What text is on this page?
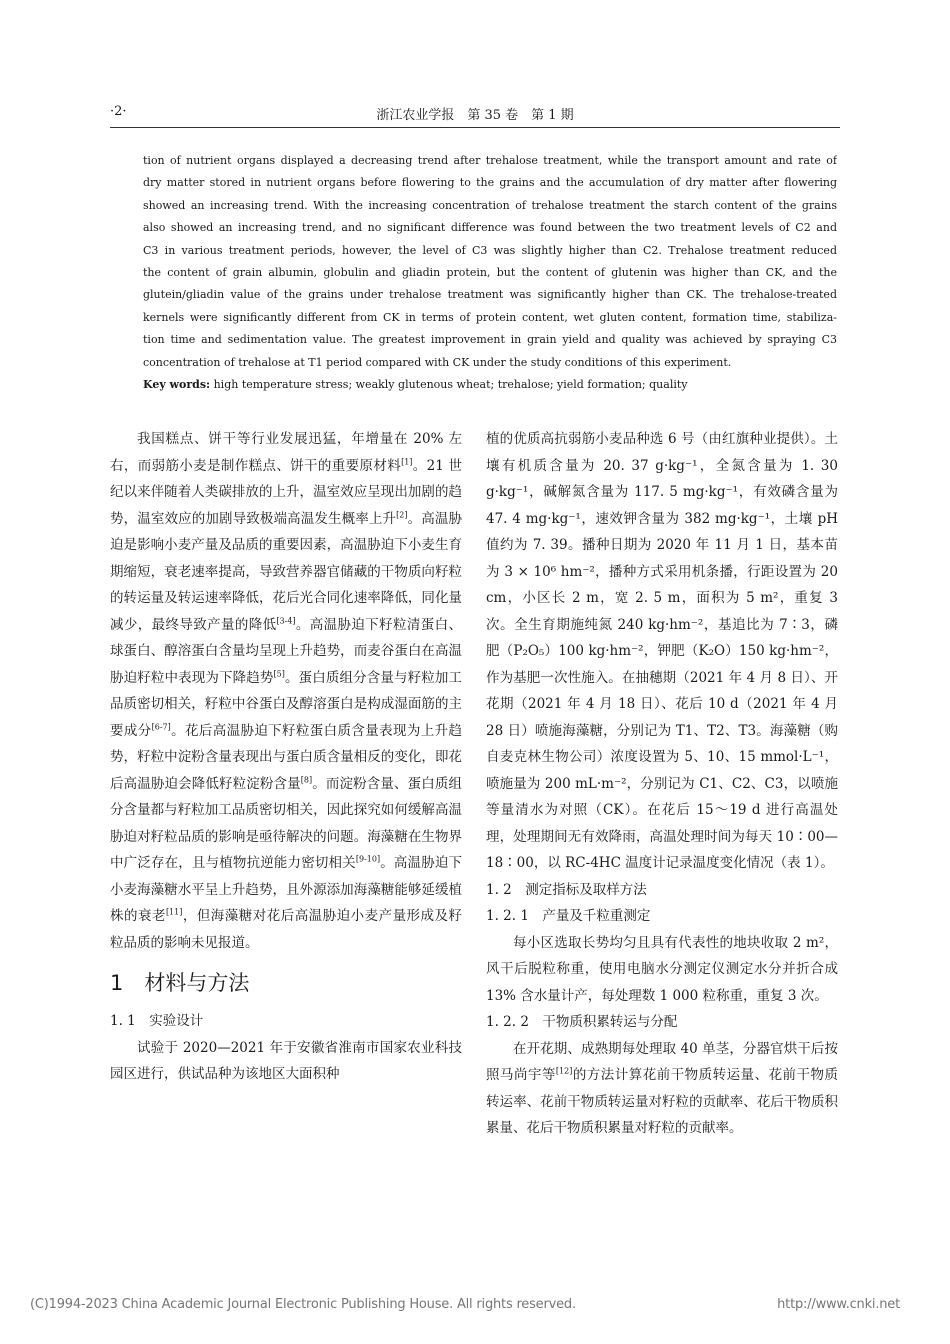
·2·	浙江农业学报　第 35 卷　第 1 期
tion of nutrient organs displayed a decreasing trend after trehalose treatment, while the transport amount and rate of
dry matter stored in nutrient organs before flowering to the grains and the accumulation of dry matter after flowering
showed an increasing trend. With the increasing concentration of trehalose treatment the starch content of the grains
also showed an increasing trend, and no significant difference was found between the two treatment levels of C2 and
C3 in various treatment periods, however, the level of C3 was slightly higher than C2. Trehalose treatment reduced
the content of grain albumin, globulin and gliadin protein, but the content of glutenin was higher than CK, and the
glutein/gliadin value of the grains under trehalose treatment was significantly higher than CK. The trehalose-treated
kernels were significantly different from CK in terms of protein content, wet gluten content, formation time, stabiliza-
tion time and sedimentation value. The greatest improvement in grain yield and quality was achieved by spraying C3
concentration of trehalose at T1 period compared with CK under the study conditions of this experiment.
Key words: high temperature stress; weakly glutenous wheat; trehalose; yield formation; quality

我国糕点、饼干等行业发展迅猛，年增量在 20% 左右，而弱筋小麦是制作糕点、饼干的重要原材料[1]。21 世纪以来伴随着人类碳排放的上升，温室效应呈现出加剧的趋势，温室效应的加剧导致极端高温发生概率上升[2]。高温胁迫是影响小麦产量及品质的重要因素，高温胁迫下小麦生育期缩短，衰老速率提高，导致营养器官储藏的干物质向籽粒的转运量及转运速率降低，花后光合同化速率降低，同化量减少，最终导致产量的降低[3-4]。高温胁迫下籽粒清蛋白、球蛋白、醇溶蛋白含量均呈现上升趋势，而麦谷蛋白在高温胁迫籽粒中表现为下降趋势[5]。蛋白质组分含量与籽粒加工品质密切相关，籽粒中谷蛋白及醇溶蛋白是构成湿面筋的主要成分[6-7]。花后高温胁迫下籽粒蛋白质含量表现为上升趋势，籽粒中淀粉含量表现出与蛋白质含量相反的变化，即花后高温胁迫会降低籽粒淀粉含量[8]。而淀粉含量、蛋白质组分含量都与籽粒加工品质密切相关，因此探究如何缓解高温胁迫对籽粒品质的影响是亟待解决的问题。海藻糖在生物界中广泛存在，且与植物抗逆能力密切相关[9-10]。高温胁迫下小麦海藻糖水平呈上升趋势，且外源添加海藻糖能够延缓植株的衰老[11]，但海藻糖对花后高温胁迫小麦产量形成及籽粒品质的影响未见报道。

1　材料与方法

1. 1　实验设计

试验于 2020—2021 年于安徽省淮南市国家农业科技园区进行，供试品种为该地区大面积种

植的优质高抗弱筋小麦品种选 6 号（由红旗种业提供）。土壤有机质含量为 20. 37 g·kg⁻¹，全氮含量为 1. 30 g·kg⁻¹，碱解氮含量为 117. 5 mg·kg⁻¹，有效磷含量为 47. 4 mg·kg⁻¹，速效钾含量为 382 mg·kg⁻¹，土壤 pH 值约为 7. 39。播种日期为 2020 年 11 月 1 日，基本苗为 3 × 10⁶ hm⁻²，播种方式采用机条播，行距设置为 20 cm，小区长 2 m，宽 2. 5 m，面积为 5 m²，重复 3 次。全生育期施纯氮 240 kg·hm⁻²，基追比为 7∶3，磷肥（P₂O₅）100 kg·hm⁻²，钾肥（K₂O）150 kg·hm⁻²，作为基肥一次性施入。在抽穗期（2021 年 4 月 8 日）、开花期（2021 年 4 月 18 日）、花后 10 d（2021 年 4 月 28 日）喷施海藻糖，分别记为 T1、T2、T3。海藻糖（购自麦克林生物公司）浓度设置为 5、10、15 mmol·L⁻¹，喷施量为 200 mL·m⁻²，分别记为 C1、C2、C3，以喷施等量清水为对照（CK）。在花后 15～19 d 进行高温处理，处理期间无有效降雨，高温处理时间为每天 10∶00—18∶00，以 RC-4HC 温度计记录温度变化情况（表 1）。

1. 2　测定指标及取样方法

1. 2. 1　产量及千粒重测定

每小区选取长势均匀且具有代表性的地块收取 2 m²，风干后脱粒称重，使用电脑水分测定仪测定水分并折合成 13% 含水量计产，每处理数 1 000 粒称重，重复 3 次。

1. 2. 2　干物质积累转运与分配

在开花期、成熟期每处理取 40 单茎，分器官烘干后按照马尚宇等[12]的方法计算花前干物质转运量、花前干物质转运率、花前干物质转运量对籽粒的贡献率、花后干物质积累量、花后干物质积累量对籽粒的贡献率。

(C)1994-2023 China Academic Journal Electronic Publishing House. All rights reserved.	http://www.cnki.net
